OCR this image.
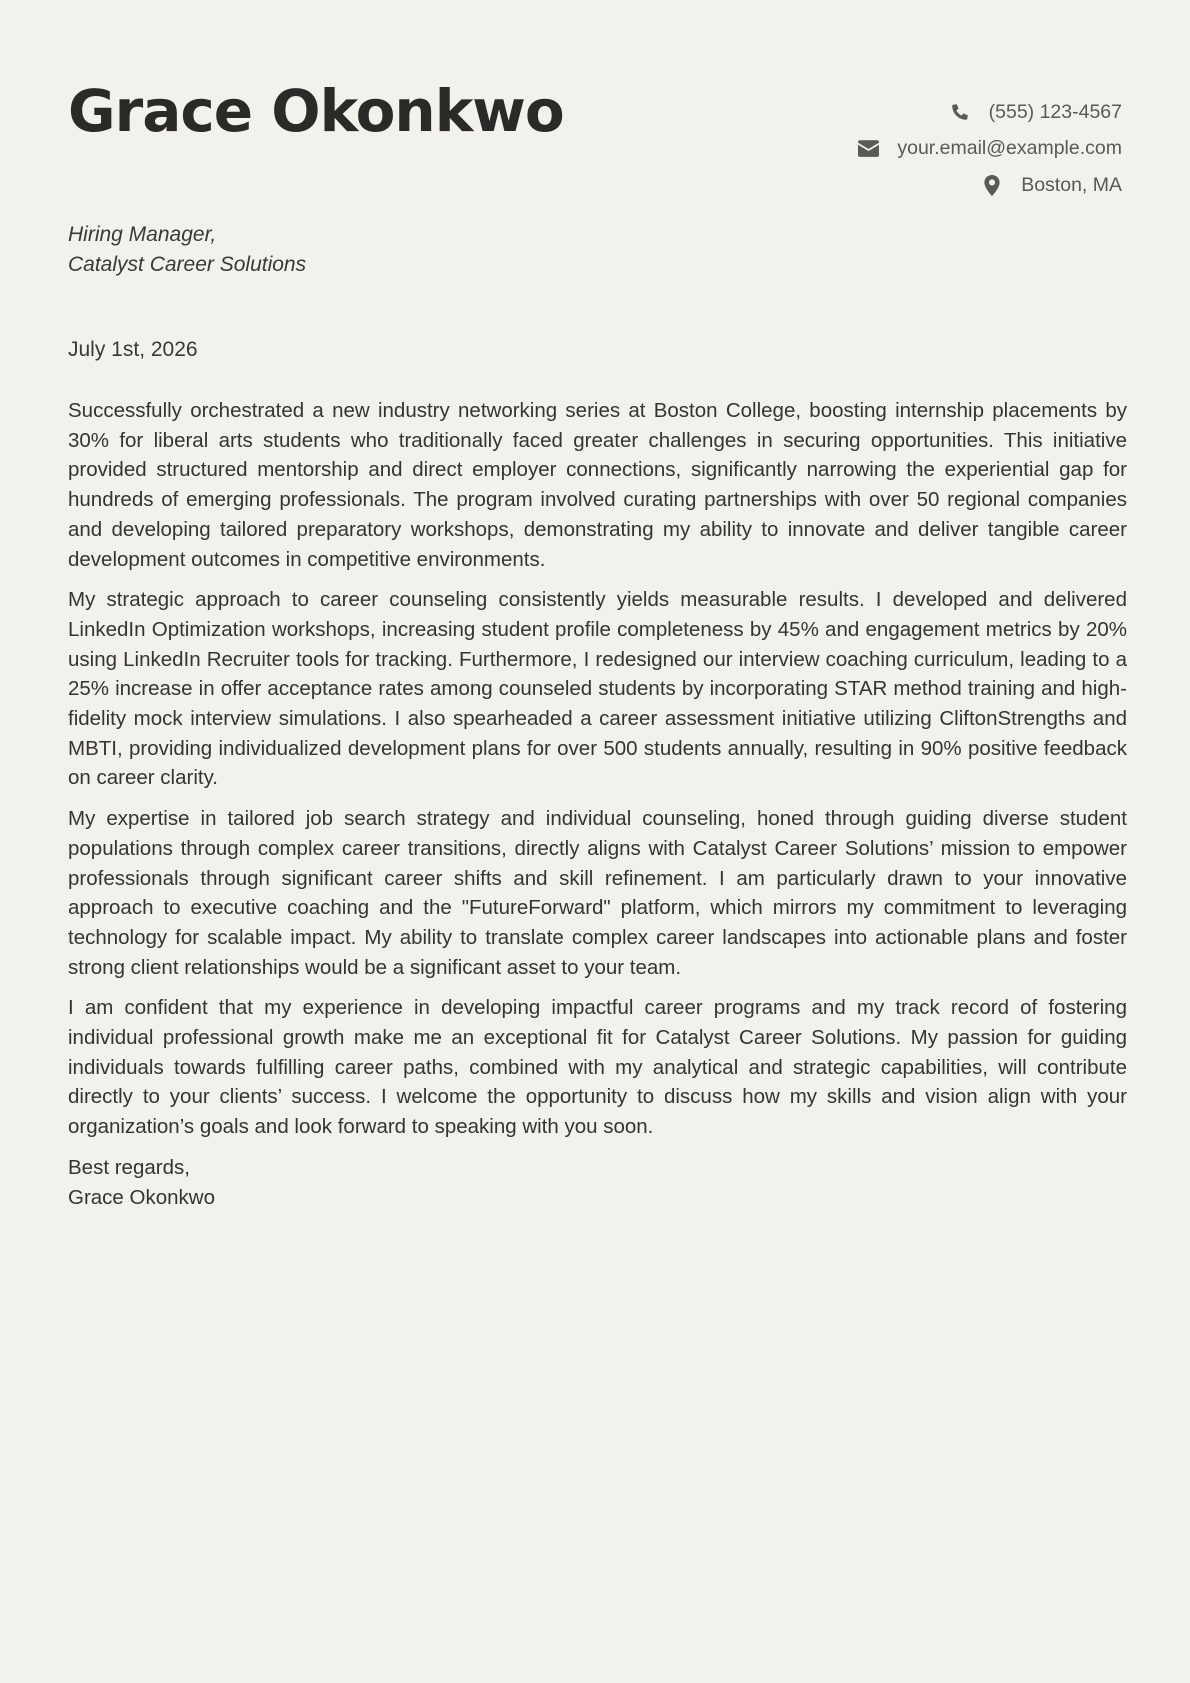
Grace Okonkwo	(555) 123-4567
your.email@example.com
Boston, MA
Hiring Manager,
Catalyst Career Solutions
July 1st, 2026

Successfully orchestrated a new industry networking series at Boston College, boosting internship placements by 30% for liberal arts students who traditionally faced greater challenges in securing opportunities. This initiative provided structured mentorship and direct employer connections, significantly narrowing the experiential gap for hundreds of emerging professionals. The program involved curating partnerships with over 50 regional companies and developing tailored preparatory workshops, demonstrating my ability to innovate and deliver tangible career development outcomes in competitive environments.

My strategic approach to career counseling consistently yields measurable results. I developed and delivered LinkedIn Optimization workshops, increasing student profile completeness by 45% and engagement metrics by 20% using LinkedIn Recruiter tools for tracking. Furthermore, I redesigned our interview coaching curriculum, leading to a 25% increase in offer acceptance rates among counseled students by incorporating STAR method training and high-fidelity mock interview simulations. I also spearheaded a career assessment initiative utilizing CliftonStrengths and MBTI, providing individualized development plans for over 500 students annually, resulting in 90% positive feedback on career clarity.

My expertise in tailored job search strategy and individual counseling, honed through guiding diverse student populations through complex career transitions, directly aligns with Catalyst Career Solutions’ mission to empower professionals through significant career shifts and skill refinement. I am particularly drawn to your innovative approach to executive coaching and the "FutureForward" platform, which mirrors my commitment to leveraging technology for scalable impact. My ability to translate complex career landscapes into actionable plans and foster strong client relationships would be a significant asset to your team.

I am confident that my experience in developing impactful career programs and my track record of fostering individual professional growth make me an exceptional fit for Catalyst Career Solutions. My passion for guiding individuals towards fulfilling career paths, combined with my analytical and strategic capabilities, will contribute directly to your clients’ success. I welcome the opportunity to discuss how my skills and vision align with your organization’s goals and look forward to speaking with you soon.

Best regards,
Grace Okonkwo
